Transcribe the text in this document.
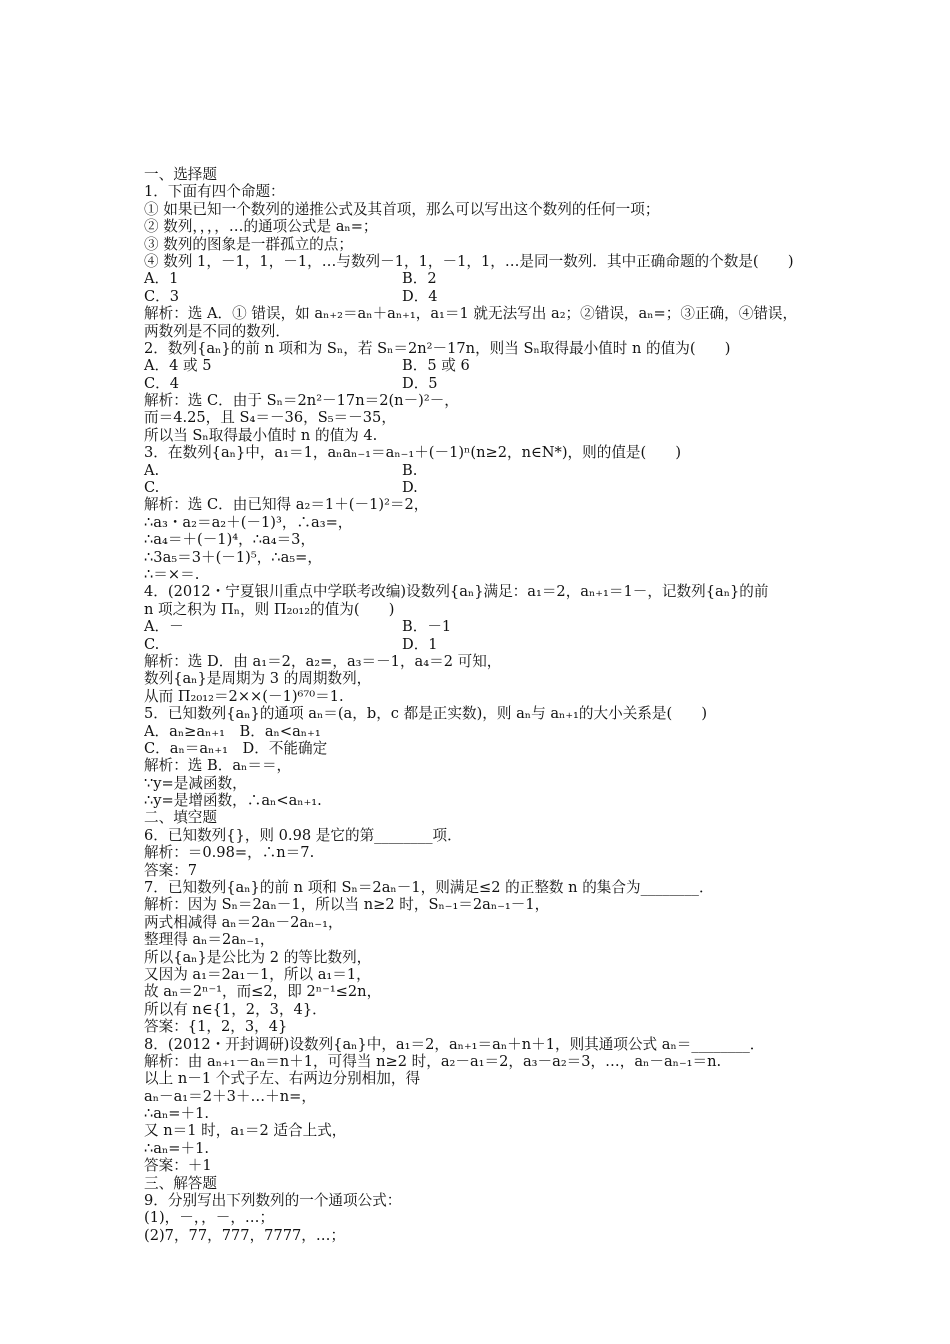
一、选择题
1．下面有四个命题：
① 如果已知一个数列的递推公式及其首项，那么可以写出这个数列的任何一项；
② 数列，，，，…的通项公式是 aₙ=；
③ 数列的图象是一群孤立的点；
④ 数列 1，－1，1，－1，…与数列－1，1，－1，1，…是同一数列．其中正确命题的个数是(　　)
A．1	B．2
C．3	D．4
解析：选 A．① 错误，如 aₙ₊₂＝aₙ＋aₙ₊₁，a₁＝1 就无法写出 a₂；②错误，aₙ=；③正确，④错误，
两数列是不同的数列．
2．数列{aₙ}的前 n 项和为 Sₙ，若 Sₙ＝2n²－17n，则当 Sₙ取得最小值时 n 的值为(　　)
A．4 或 5	B．5 或 6
C．4	D．5
解析：选 C．由于 Sₙ＝2n²－17n＝2(n－)²－，
而＝4.25，且 S₄＝－36，S₅＝－35，
所以当 Sₙ取得最小值时 n 的值为 4.
3．在数列{aₙ}中，a₁＝1，aₙaₙ₋₁＝aₙ₋₁＋(－1)ⁿ(n≥2，n∈N*)，则的值是(　　)
A.	B.
C.	D.
解析：选 C．由已知得 a₂＝1＋(－1)²＝2，
∴a₃・a₂＝a₂＋(－1)³，∴a₃=，
∴a₄＝＋(－1)⁴，∴a₄＝3，
∴3a₅＝3＋(－1)⁵，∴a₅=，
∴＝×＝.
4．(2012・宁夏银川重点中学联考改编)设数列{aₙ}满足：a₁＝2，aₙ₊₁＝1－，记数列{aₙ}的前
n 项之积为 Πₙ，则 Π₂₀₁₂的值为(　　)
A．－	B．－1
C.	D．1
解析：选 D．由 a₁＝2，a₂=，a₃＝－1，a₄＝2 可知，
数列{aₙ}是周期为 3 的周期数列，
从而 Π₂₀₁₂＝2××(－1)⁶⁷⁰＝1.
5．已知数列{aₙ}的通项 aₙ＝(a，b，c 都是正实数)，则 aₙ与 aₙ₊₁的大小关系是(　　)
A．aₙ≥aₙ₊₁　B．aₙ<aₙ₊₁
C．aₙ＝aₙ₊₁　D．不能确定
解析：选 B．aₙ＝＝，
∵y=是减函数，
∴y=是增函数，∴aₙ<aₙ₊₁.
二、填空题
6．已知数列{}，则 0.98 是它的第________项．
解析：＝0.98=，∴n＝7.
答案：7
7．已知数列{aₙ}的前 n 项和 Sₙ＝2aₙ－1，则满足≤2 的正整数 n 的集合为________．
解析：因为 Sₙ＝2aₙ－1，所以当 n≥2 时，Sₙ₋₁＝2aₙ₋₁－1，
两式相减得 aₙ＝2aₙ－2aₙ₋₁，
整理得 aₙ＝2aₙ₋₁，
所以{aₙ}是公比为 2 的等比数列，
又因为 a₁＝2a₁－1，所以 a₁＝1，
故 aₙ＝2ⁿ⁻¹，而≤2，即 2ⁿ⁻¹≤2n，
所以有 n∈{1，2，3，4}．
答案：{1，2，3，4}
8．(2012・开封调研)设数列{aₙ}中，a₁＝2，aₙ₊₁＝aₙ＋n＋1，则其通项公式 aₙ＝________．
解析：由 aₙ₊₁－aₙ＝n＋1，可得当 n≥2 时，a₂－a₁＝2，a₃－a₂＝3，…，aₙ－aₙ₋₁＝n.
以上 n－1 个式子左、右两边分别相加，得
aₙ－a₁＝2＋3＋…＋n=，
∴aₙ=＋1.
又 n＝1 时，a₁＝2 适合上式，
∴aₙ=＋1.
答案：＋1
三、解答题
9．分别写出下列数列的一个通项公式：
(1)，－，，－，…；
(2)7，77，777，7777，…；
